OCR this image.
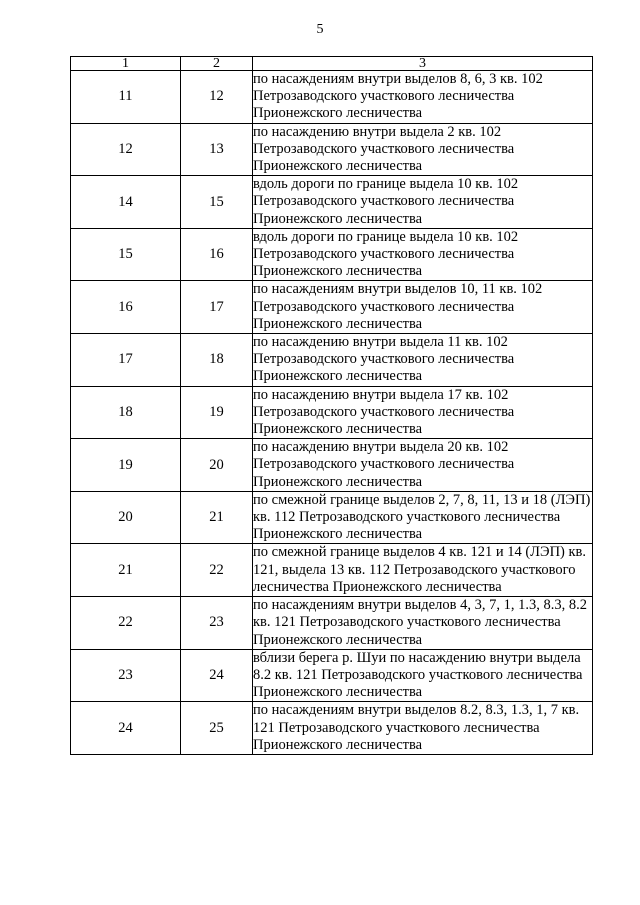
5
1	2	3
11	12	по насаждениям внутри выделов 8, 6, 3 кв. 102 Петрозаводского участкового лесничества Прионежского лесничества
12	13	по насаждению внутри выдела 2 кв. 102 Петрозаводского участкового лесничества Прионежского лесничества
14	15	вдоль дороги по границе выдела 10 кв. 102 Петрозаводского участкового лесничества Прионежского лесничества
15	16	вдоль дороги по границе выдела 10 кв. 102 Петрозаводского участкового лесничества Прионежского лесничества
16	17	по насаждениям внутри выделов 10, 11 кв. 102 Петрозаводского участкового лесничества Прионежского лесничества
17	18	по насаждению внутри выдела 11 кв. 102 Петрозаводского участкового лесничества Прионежского лесничества
18	19	по насаждению внутри выдела 17 кв. 102 Петрозаводского участкового лесничества Прионежского лесничества
19	20	по насаждению внутри выдела 20 кв. 102 Петрозаводского участкового лесничества Прионежского лесничества
20	21	по смежной границе выделов 2, 7, 8, 11, 13 и 18 (ЛЭП) кв. 112 Петрозаводского участкового лесничества Прионежского лесничества
21	22	по смежной границе выделов 4 кв. 121 и 14 (ЛЭП) кв. 121, выдела 13 кв. 112 Петрозаводского участкового лесничества Прионежского лесничества
22	23	по насаждениям внутри выделов 4, 3, 7, 1, 1.3, 8.3, 8.2 кв. 121 Петрозаводского участкового лесничества Прионежского лесничества
23	24	вблизи берега р. Шуи по насаждению внутри выдела 8.2 кв. 121 Петрозаводского участкового лесничества Прионежского лесничества
24	25	по насаждениям внутри выделов 8.2, 8.3, 1.3, 1, 7 кв. 121 Петрозаводского участкового лесничества Прионежского лесничества
